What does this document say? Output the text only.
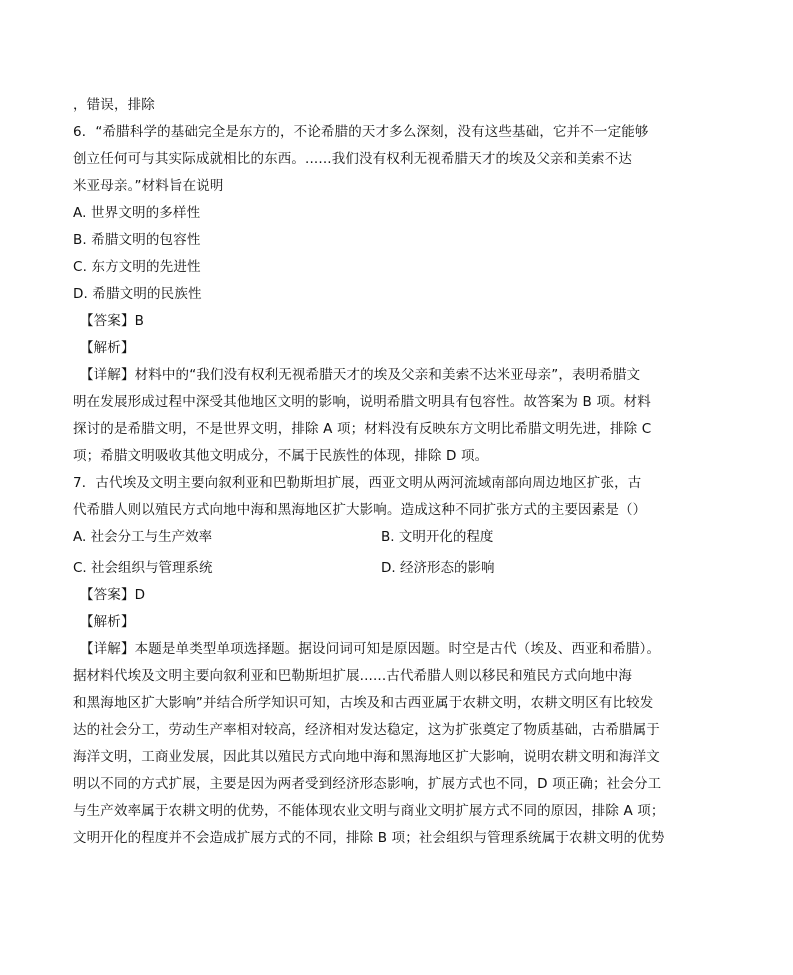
，错误，排除
6．“希腊科学的基础完全是东方的，不论希腊的天才多么深刻，没有这些基础，它并不一定能够
创立任何可与其实际成就相比的东西。......我们没有权利无视希腊天才的埃及父亲和美索不达
米亚母亲。”材料旨在说明
A. 世界文明的多样性
B. 希腊文明的包容性
C. 东方文明的先进性
D. 希腊文明的民族性
【答案】B
【解析】
【详解】材料中的“我们没有权利无视希腊天才的埃及父亲和美索不达米亚母亲”，表明希腊文
明在发展形成过程中深受其他地区文明的影响，说明希腊文明具有包容性。故答案为 B 项。材料
探讨的是希腊文明，不是世界文明，排除 A 项；材料没有反映东方文明比希腊文明先进，排除 C
项；希腊文明吸收其他文明成分，不属于民族性的体现，排除 D 项。
7．古代埃及文明主要向叙利亚和巴勒斯坦扩展，西亚文明从两河流域南部向周边地区扩张，古
代希腊人则以殖民方式向地中海和黑海地区扩大影响。造成这种不同扩张方式的主要因素是（）
A. 社会分工与生产效率	B. 文明开化的程度
C. 社会组织与管理系统	D. 经济形态的影响
【答案】D
【解析】
【详解】本题是单类型单项选择题。据设问词可知是原因题。时空是古代（埃及、西亚和希腊）。
据材料代埃及文明主要向叙利亚和巴勒斯坦扩展......古代希腊人则以移民和殖民方式向地中海
和黑海地区扩大影响”并结合所学知识可知，古埃及和古西亚属于农耕文明，农耕文明区有比较发
达的社会分工，劳动生产率相对较高，经济相对发达稳定，这为扩张奠定了物质基础，古希腊属于
海洋文明，工商业发展，因此其以殖民方式向地中海和黑海地区扩大影响，说明农耕文明和海洋文
明以不同的方式扩展，主要是因为两者受到经济形态影响，扩展方式也不同，D 项正确；社会分工
与生产效率属于农耕文明的优势，不能体现农业文明与商业文明扩展方式不同的原因，排除 A 项；
文明开化的程度并不会造成扩展方式的不同，排除 B 项；社会组织与管理系统属于农耕文明的优势
